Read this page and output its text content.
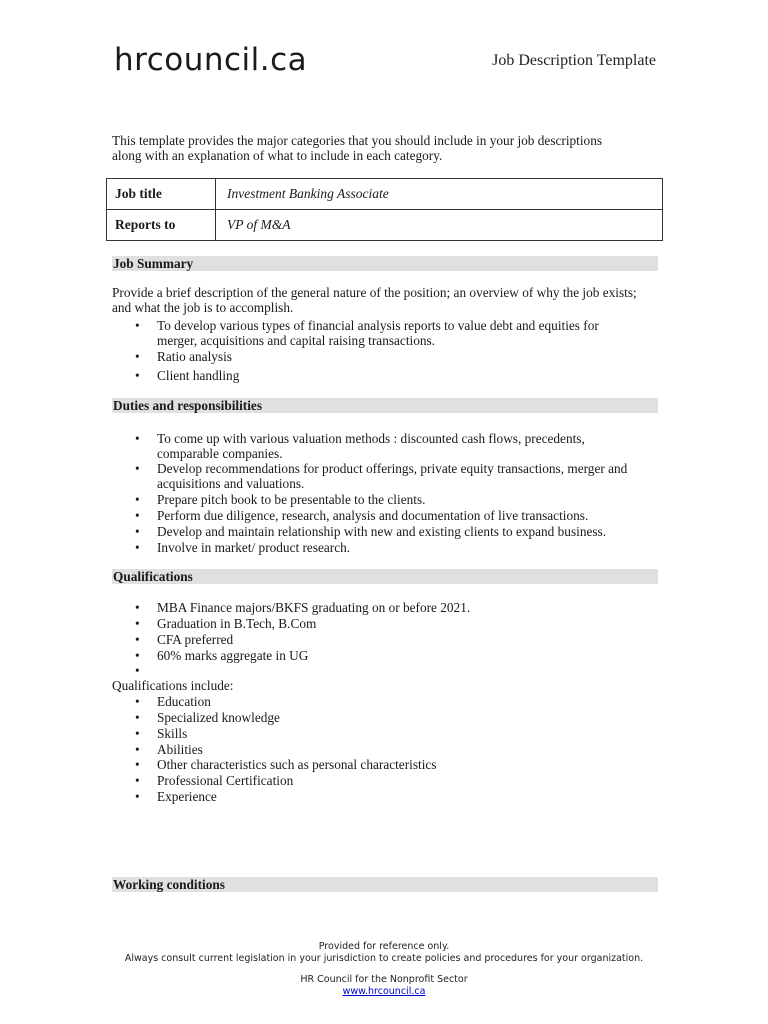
hrcouncil.ca	Job Description Template
This template provides the major categories that you should include in your job descriptions
along with an explanation of what to include in each category.
Job title	Investment Banking Associate
Reports to	VP of M&A
Job Summary
Provide a brief description of the general nature of the position; an overview of why the job exists;
and what the job is to accomplish.
• To develop various types of financial analysis reports to value debt and equities for
merger, acquisitions and capital raising transactions.
• Ratio analysis
• Client handling
Duties and responsibilities
• To come up with various valuation methods : discounted cash flows, precedents,
comparable companies.
• Develop recommendations for product offerings, private equity transactions, merger and
acquisitions and valuations.
• Prepare pitch book to be presentable to the clients.
• Perform due diligence, research, analysis and documentation of live transactions.
• Develop and maintain relationship with new and existing clients to expand business.
• Involve in market/ product research.
Qualifications
• MBA Finance majors/BKFS graduating on or before 2021.
• Graduation in B.Tech, B.Com
• CFA preferred
• 60% marks aggregate in UG
•
Qualifications include:
• Education
• Specialized knowledge
• Skills
• Abilities
• Other characteristics such as personal characteristics
• Professional Certification
• Experience
Working conditions
Provided for reference only.
Always consult current legislation in your jurisdiction to create policies and procedures for your organization.
HR Council for the Nonprofit Sector
www.hrcouncil.ca
